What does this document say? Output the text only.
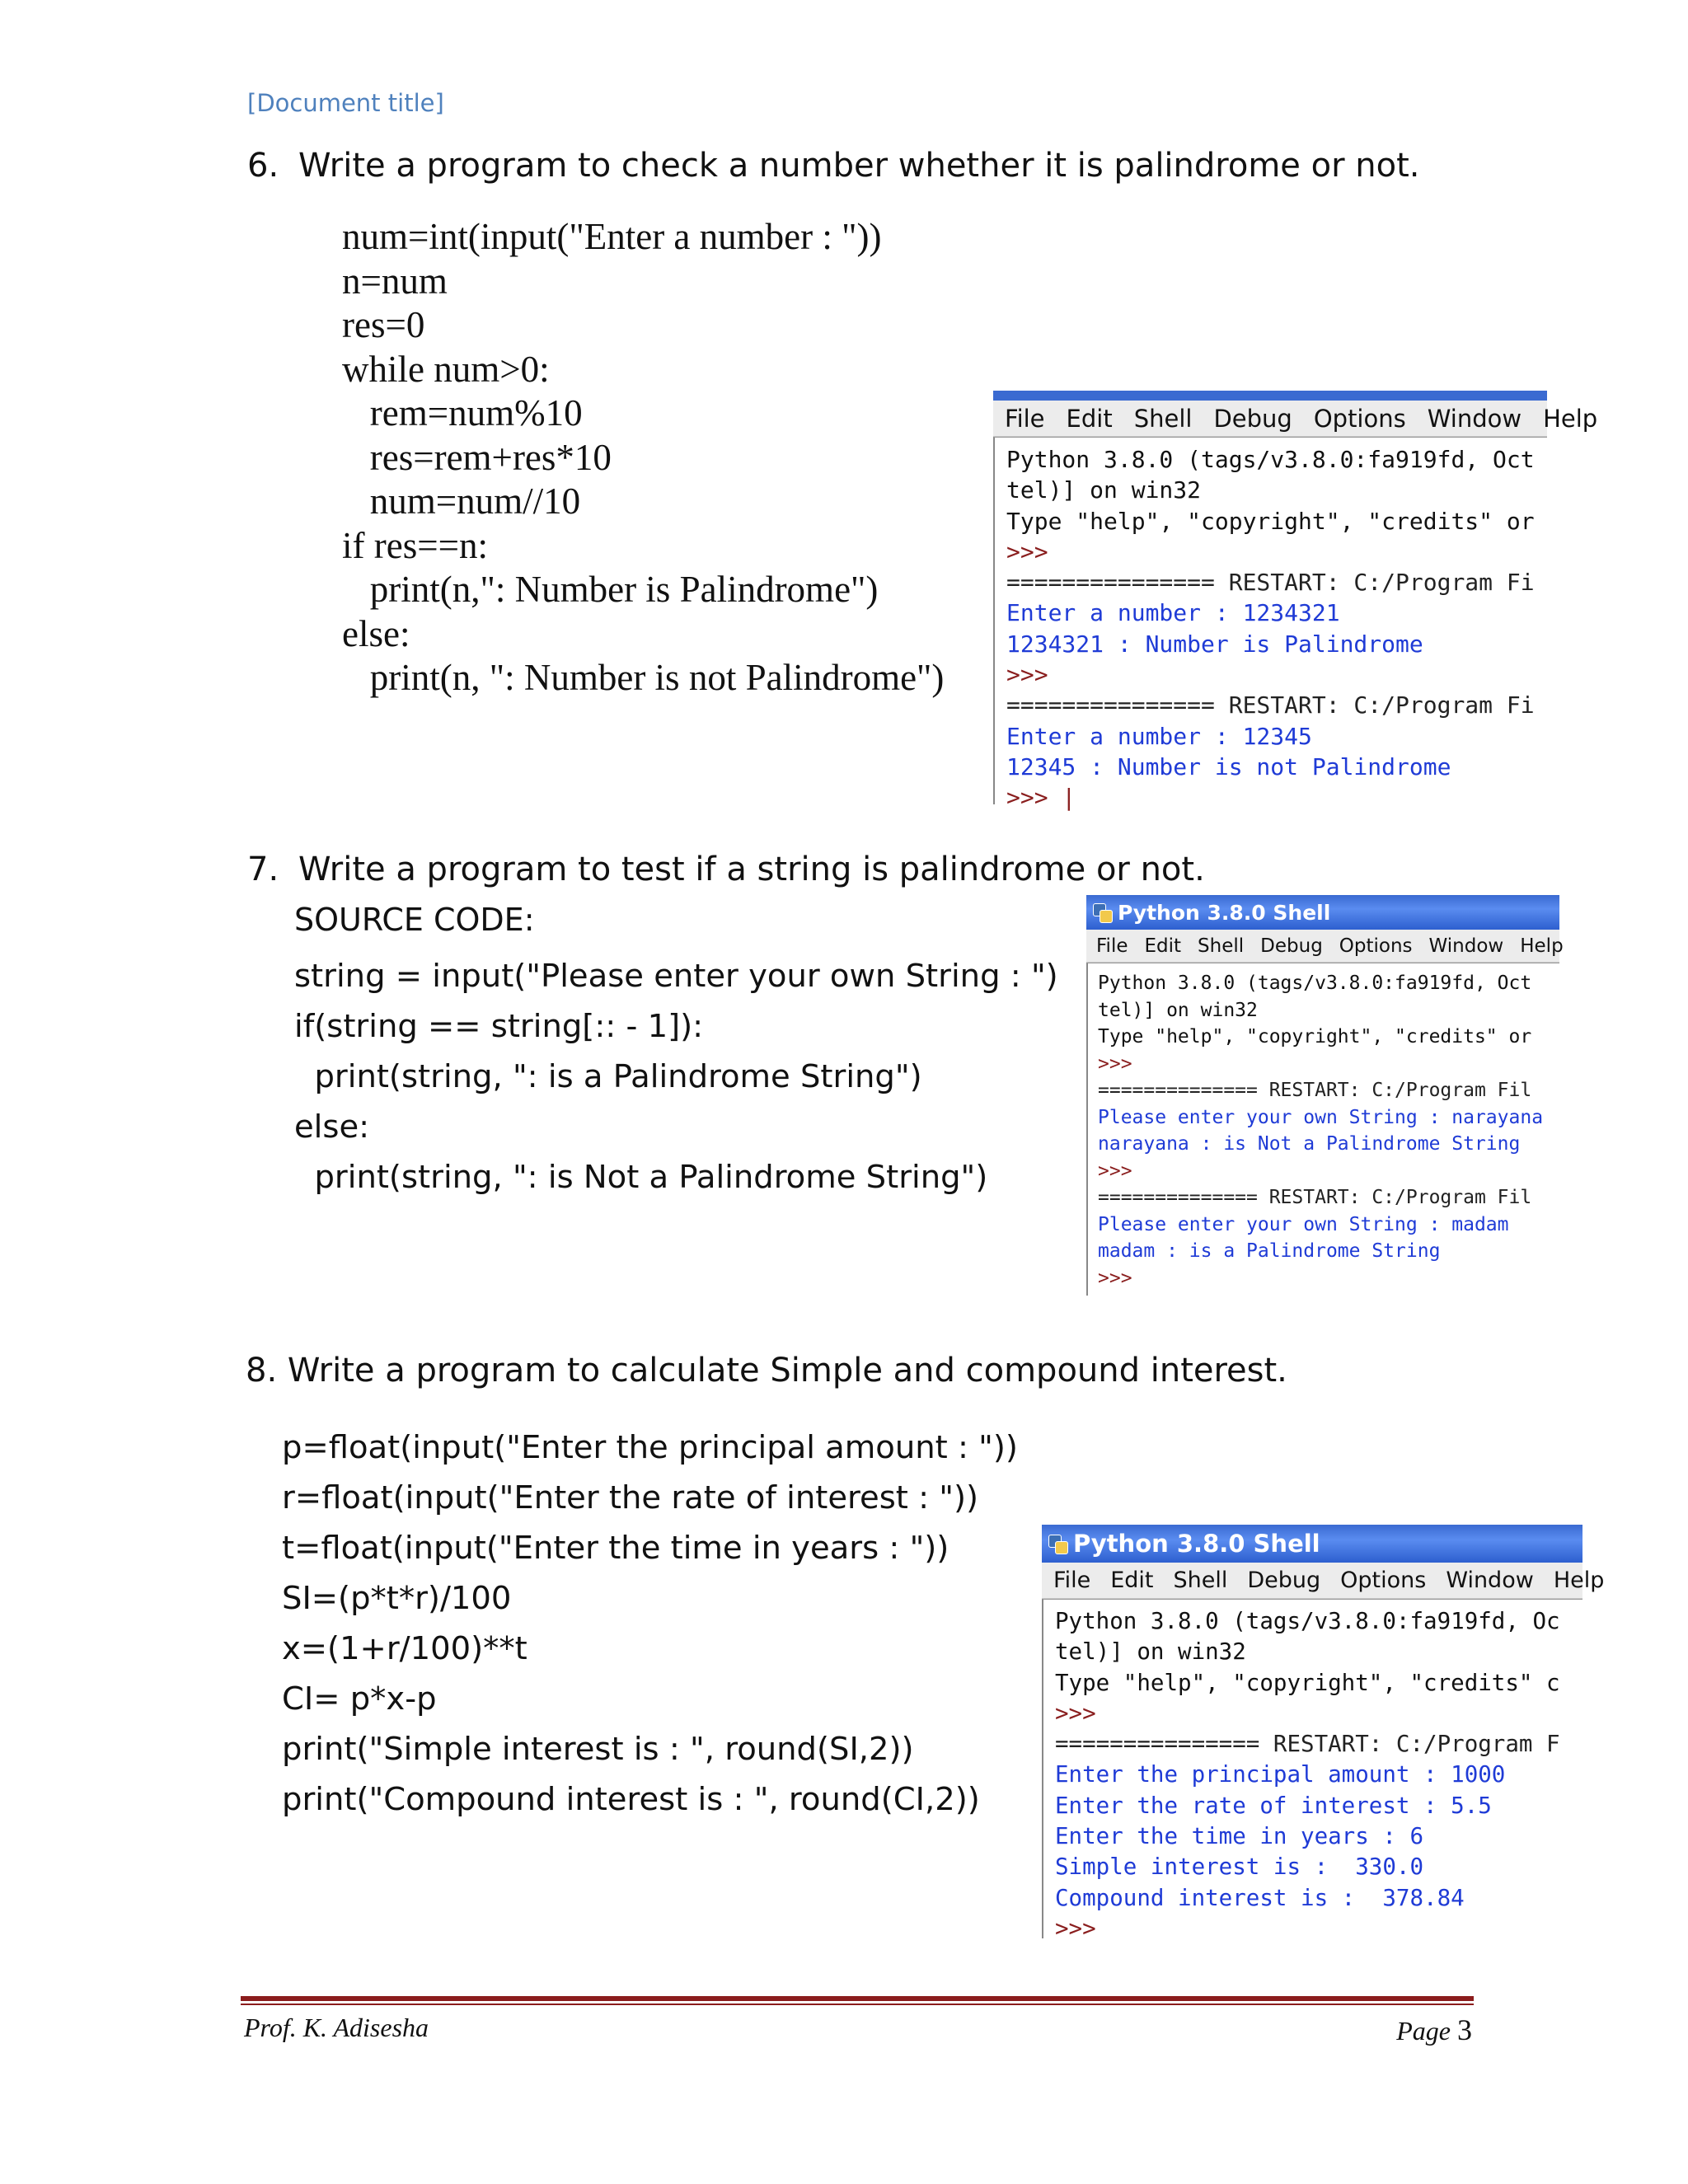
[Document title]
6. Write a program to check a number whether it is palindrome or not.
num=int(input("Enter a number : "))
n=num
res=0
while num>0:
rem=num%10
res=rem+res*10
num=num//10
if res==n:
print(n,": Number is Palindrome")
else:
print(n, ": Number is not Palindrome")
File Edit Shell Debug Options Window Help
Python 3.8.0 (tags/v3.8.0:fa919fd, Oct
tel)] on win32
Type "help", "copyright", "credits" or
>>>
=============== RESTART: C:/Program Fi
Enter a number : 1234321
1234321 : Number is Palindrome
>>>
=============== RESTART: C:/Program Fi
Enter a number : 12345
12345 : Number is not Palindrome
>>> |
7. Write a program to test if a string is palindrome or not.
SOURCE CODE:
string = input("Please enter your own String : ")
if(string == string[:: - 1]):
print(string, ": is a Palindrome String")
else:
print(string, ": is Not a Palindrome String")
Python 3.8.0 Shell
File Edit Shell Debug Options Window Help
Python 3.8.0 (tags/v3.8.0:fa919fd, Oct
tel)] on win32
Type "help", "copyright", "credits" or
>>>
============== RESTART: C:/Program Fil
Please enter your own String : narayana
narayana : is Not a Palindrome String
>>>
============== RESTART: C:/Program Fil
Please enter your own String : madam
madam : is a Palindrome String
>>>
8. Write a program to calculate Simple and compound interest.
p=float(input("Enter the principal amount : "))
r=float(input("Enter the rate of interest : "))
t=float(input("Enter the time in years : "))
SI=(p*t*r)/100
x=(1+r/100)**t
CI= p*x-p
print("Simple interest is : ", round(SI,2))
print("Compound interest is : ", round(CI,2))
Python 3.8.0 Shell
File Edit Shell Debug Options Window Help
Python 3.8.0 (tags/v3.8.0:fa919fd, Oc
tel)] on win32
Type "help", "copyright", "credits" c
>>>
=============== RESTART: C:/Program F
Enter the principal amount : 1000
Enter the rate of interest : 5.5
Enter the time in years : 6
Simple interest is :  330.0
Compound interest is :  378.84
>>>
Prof. K. Adisesha	Page 3
